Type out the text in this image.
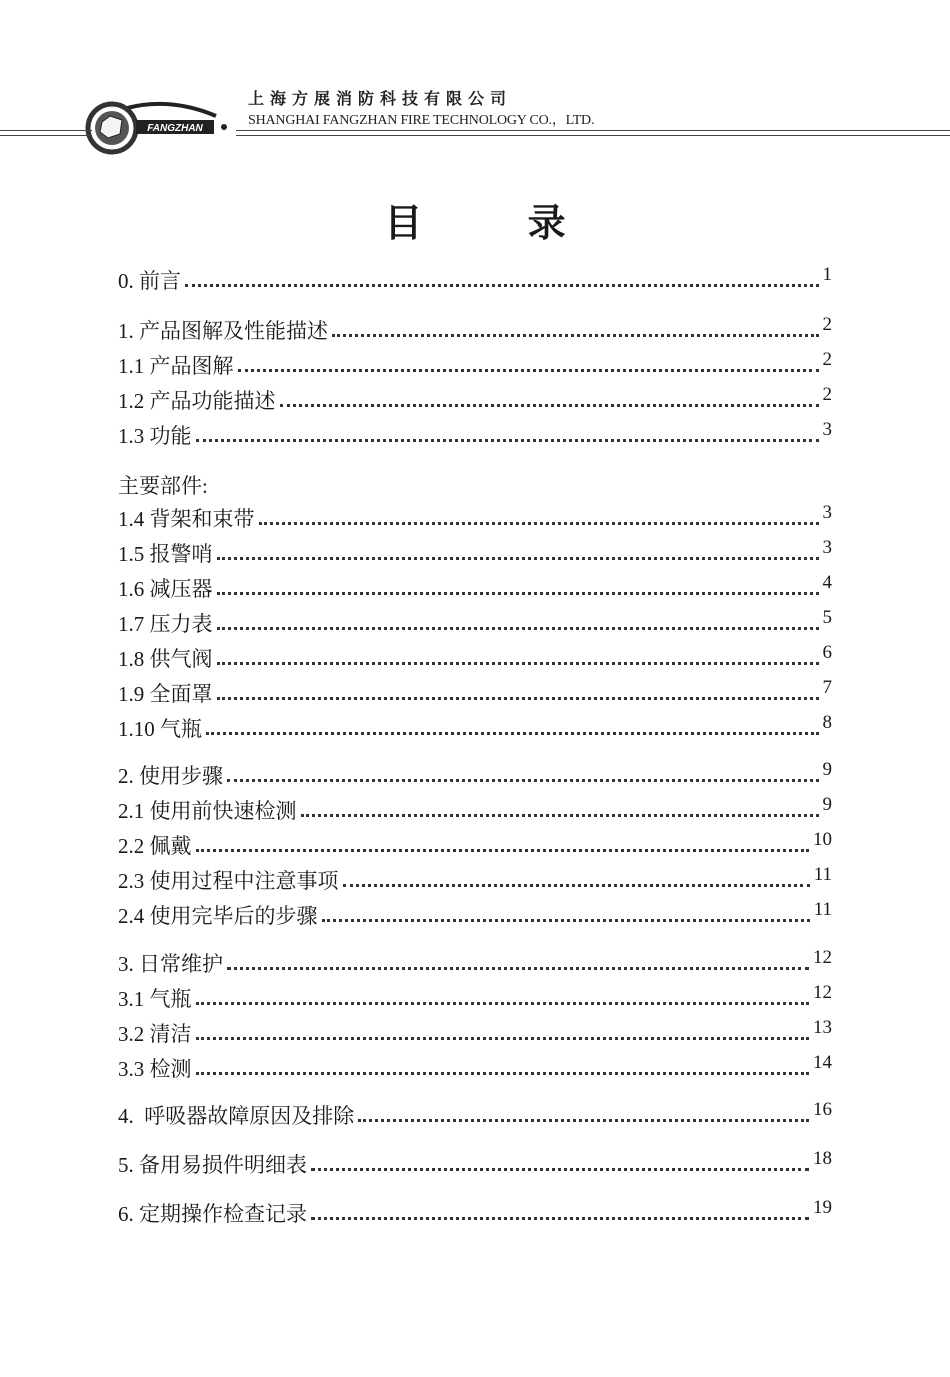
FANGZHAN
上海方展消防科技有限公司
SHANGHAI FANGZHAN FIRE TECHNOLOGY CO.，LTD.
目 录
0. 前言	1
1. 产品图解及性能描述	2
1.1 产品图解	2
1.2 产品功能描述	2
1.3 功能	3
1.4 背架和束带	3
1.5 报警哨	3
1.6 减压器	4
1.7 压力表	5
1.8 供气阀	6
1.9 全面罩	7
1.10 气瓶	8
2. 使用步骤	9
2.1 使用前快速检测	9
2.2 佩戴	10
2.3 使用过程中注意事项	11
2.4 使用完毕后的步骤	11
3. 日常维护	12
3.1 气瓶	12
3.2 清洁	13
3.3 检测	14
4.  呼吸器故障原因及排除	16
5. 备用易损件明细表	18
6. 定期操作检查记录	19
主要部件:
